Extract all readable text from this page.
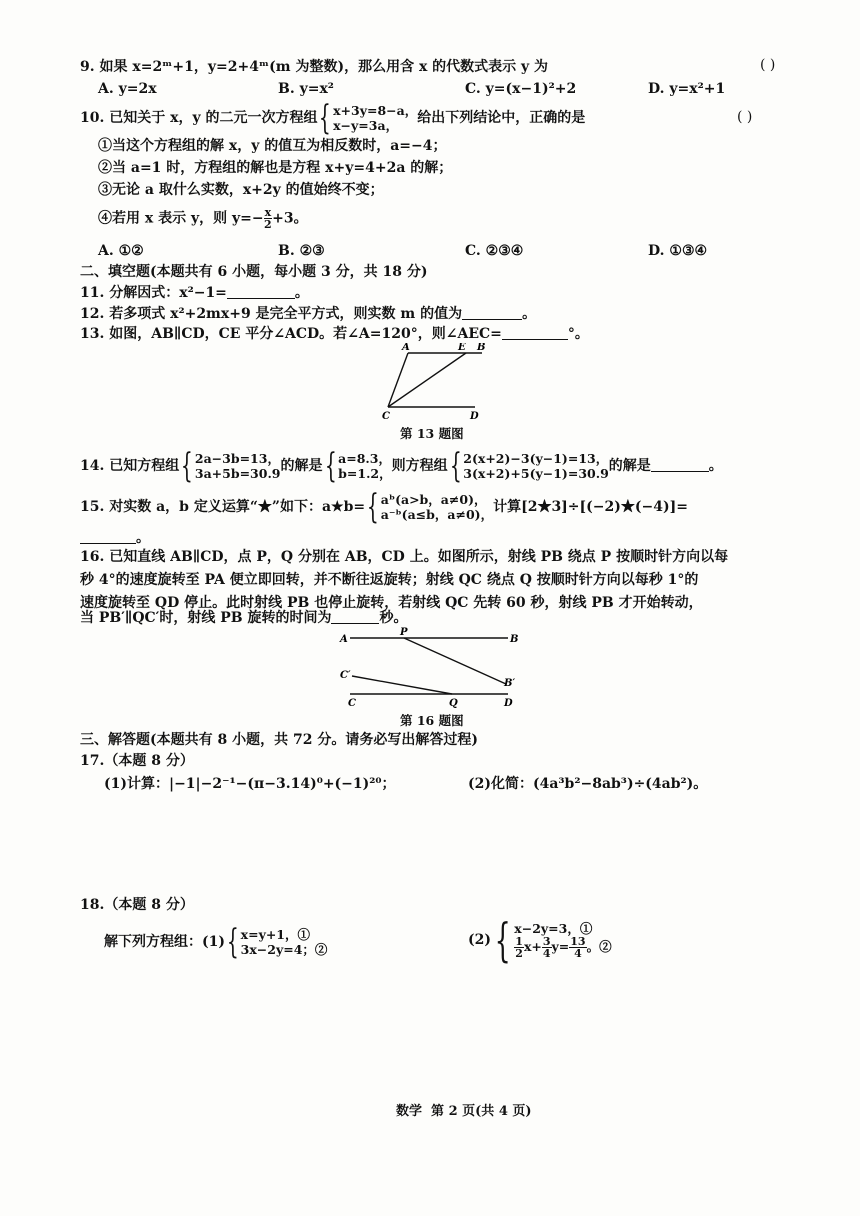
9. 如果 x=2ᵐ+1，y=2+4ᵐ(m 为整数)，那么用含 x 的代数式表示 y 为	( )
A. y=2x	B. y=x²	C. y=(x−1)²+2	D. y=x²+1
10. 已知关于 x，y 的二元一次方程组 { x+3y=8−a，
x−y=3a，	给出下列结论中，正确的是	( )
①当这个方程组的解 x，y 的值互为相反数时，a=−4；
②当 a=1 时，方程组的解也是方程 x+y=4+2a 的解；
③无论 a 取什么实数，x+2y 的值始终不变；
④若用 x 表示 y，则 $y=- \frac{x}{2} +3$。
A. ①②	B. ②③	C. ②③④	D. ①③④
二、填空题(本题共有 6 小题，每小题 3 分，共 18 分)
11. 分解因式：x²−1=	。
12. 若多项式 x²+2mx+9 是完全平方式，则实数 m 的值为	。
13. 如图，AB∥CD，CE 平分∠ACD。若∠A=120°，则∠AEC=	°。
A	E B
C	D
第 13 题图
14. 已知方程组 { 2a−3b=13，
3a+5b=30.9 的解是 { a=8.3，
b=1.2， 则方程组 { 2(x+2)−3(y−1)=13，
3(x+2)+5(y−1)=30.9 的解是	。
15. 对实数 a，b 定义运算“★”如下：a★b= { aᵇ(a>b，a≠0)，
a⁻ᵇ(a≤b，a≠0)， 计算[2★3]÷[(−2)★(−4)]=
。
16. 已知直线 AB∥CD，点 P，Q 分别在 AB，CD 上。如图所示，射线 PB 绕点 P 按顺时针方向以每
秒 4°的速度旋转至 PA 便立即回转，并不断往返旋转；射线 QC 绕点 Q 按顺时针方向以每秒 1°的
速度旋转至 QD 停止。此时射线 PB 也停止旋转，若射线 QC 先转 60 秒，射线 PB 才开始转动，
当 PB′∥QC′时，射线 PB 旋转的时间为	秒。
A
P
B
C′
B′
C	Q	D
第 16 题图
三、解答题(本题共有 8 小题，共 72 分。请务必写出解答过程)
17.（本题 8 分）
(1)计算：|−1|−2⁻¹−(π−3.14)⁰+(−1)²⁰；	(2)化简：(4a³b²−8ab³)÷(4ab²)。
18.（本题 8 分）
解下列方程组：(1) { x=y+1，①
3x−2y=4；②
(2) { x−2y=3，①
$\frac{1}{2} x+ \frac{3}{4} y= \frac{13}{4}$ 。②
数学  第 2 页(共 4 页)
